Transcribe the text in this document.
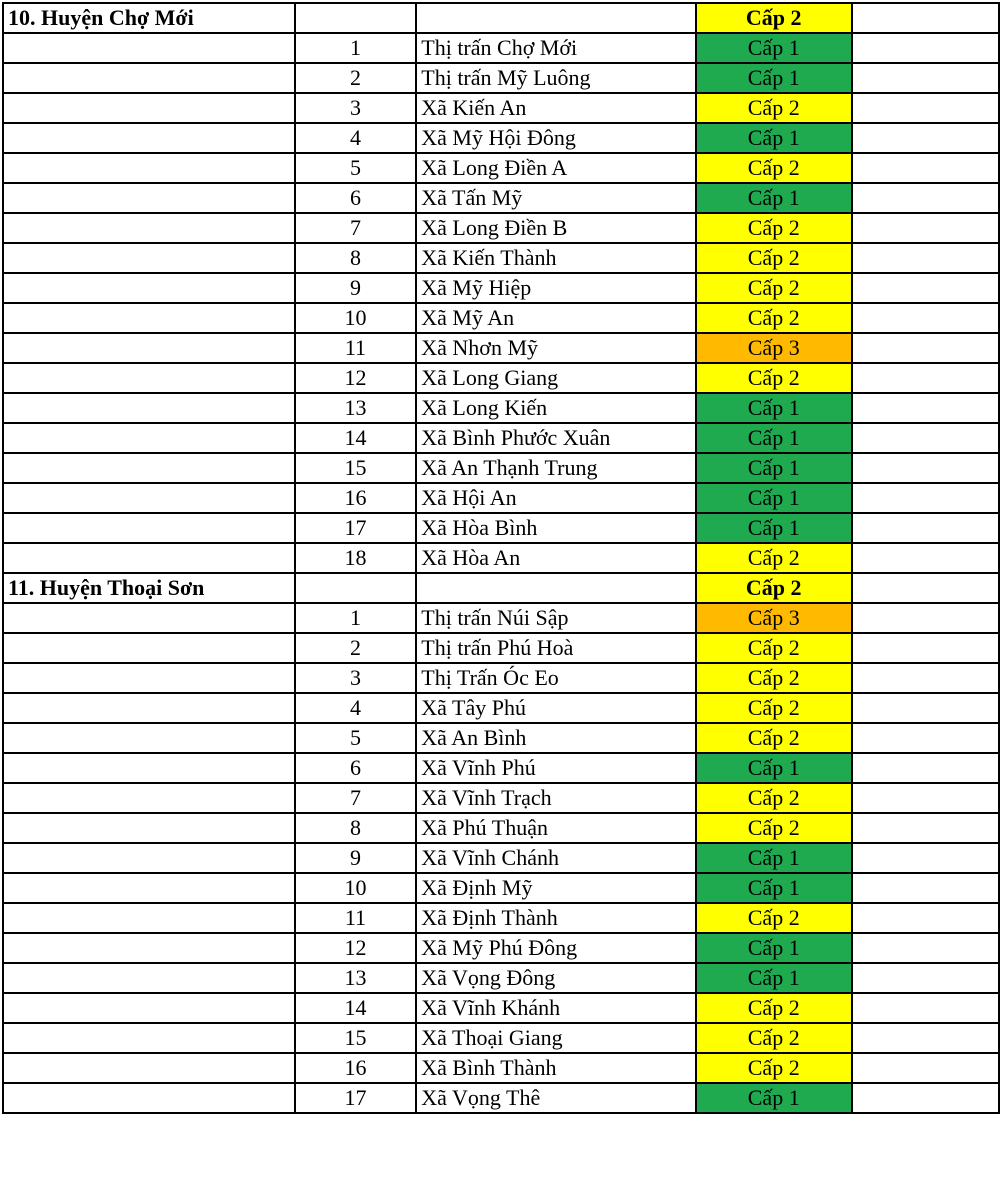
10. Huyện Chợ Mới			Cấp 2	
	1	Thị trấn Chợ Mới	Cấp 1	
	2	Thị trấn Mỹ Luông	Cấp 1	
	3	Xã Kiến An	Cấp 2	
	4	Xã Mỹ Hội Đông	Cấp 1	
	5	Xã Long Điền A	Cấp 2	
	6	Xã Tấn Mỹ	Cấp 1	
	7	Xã Long Điền B	Cấp 2	
	8	Xã Kiến Thành	Cấp 2	
	9	Xã Mỹ Hiệp	Cấp 2	
	10	Xã Mỹ An	Cấp 2	
	11	Xã Nhơn Mỹ	Cấp 3	
	12	Xã Long Giang	Cấp 2	
	13	Xã Long Kiến	Cấp 1	
	14	Xã Bình Phước Xuân	Cấp 1	
	15	Xã An Thạnh Trung	Cấp 1	
	16	Xã Hội An	Cấp 1	
	17	Xã Hòa Bình	Cấp 1	
	18	Xã Hòa An	Cấp 2	
11. Huyện Thoại Sơn			Cấp 2	
	1	Thị trấn Núi Sập	Cấp 3	
	2	Thị trấn Phú Hoà	Cấp 2	
	3	Thị Trấn Óc Eo	Cấp 2	
	4	Xã Tây Phú	Cấp 2	
	5	Xã An Bình	Cấp 2	
	6	Xã Vĩnh Phú	Cấp 1	
	7	Xã Vĩnh Trạch	Cấp 2	
	8	Xã Phú Thuận	Cấp 2	
	9	Xã Vĩnh Chánh	Cấp 1	
	10	Xã Định Mỹ	Cấp 1	
	11	Xã Định Thành	Cấp 2	
	12	Xã Mỹ Phú Đông	Cấp 1	
	13	Xã Vọng Đông	Cấp 1	
	14	Xã Vĩnh Khánh	Cấp 2	
	15	Xã Thoại Giang	Cấp 2	
	16	Xã Bình Thành	Cấp 2	
	17	Xã Vọng Thê	Cấp 1	
